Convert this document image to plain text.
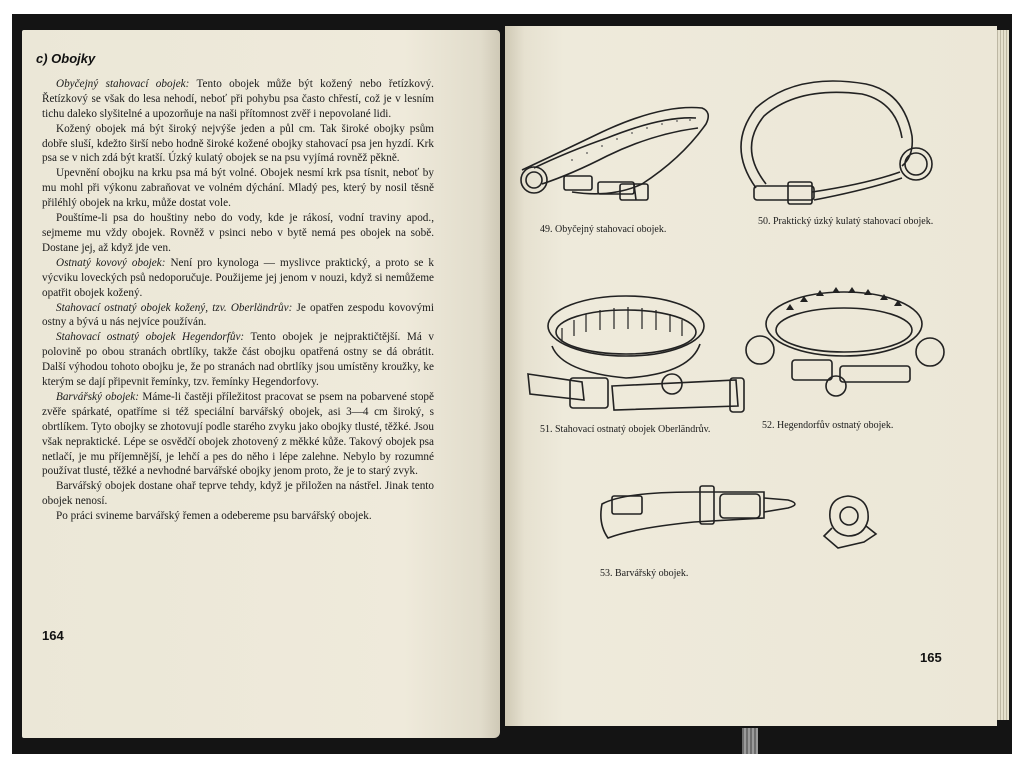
c) Obojky

Obyčejný stahovací obojek: Tento obojek může být kožený nebo řetízkový. Řetízkový se však do lesa nehodí, neboť při pohybu psa často chřestí, což je v lesním tichu daleko slyšitelné a upozorňuje na naši přítomnost zvěř i nepovolané lidi.

Kožený obojek má být široký nejvýše jeden a půl cm. Tak široké obojky psům dobře sluší, kdežto širší nebo hodně široké kožené obojky stahovací psa jen hyzdí. Krk psa se v nich zdá být kratší. Úzký kulatý obojek se na psu vyjímá rovněž pěkně.

Upevnění obojku na krku psa má být volné. Obojek nesmí krk psa tísnit, neboť by mu mohl při výkonu zabraňovat ve volném dýchání. Mladý pes, který by nosil těsně přiléhlý obojek na krku, může dostat vole.

Pouštíme-li psa do houštiny nebo do vody, kde je rákosí, vodní traviny apod., sejmeme mu vždy obojek. Rovněž v psinci nebo v bytě nemá pes obojek na sobě. Dostane jej, až když jde ven.

Ostnatý kovový obojek: Není pro kynologa — myslivce praktický, a proto se k výcviku loveckých psů nedoporučuje. Použijeme jej jenom v nouzi, když si nemůžeme opatřit obojek kožený.

Stahovací ostnatý obojek kožený, tzv. Oberländrův: Je opatřen zespodu kovovými ostny a bývá u nás nejvíce používán.

Stahovací ostnatý obojek Hegendorfův: Tento obojek je nejpraktičtější. Má v polovině po obou stranách obrtlíky, takže část obojku opatřená ostny se dá obrátit. Další výhodou tohoto obojku je, že po stranách nad obrtlíky jsou umístěny kroužky, ke kterým se dají připevnit řemínky, tzv. řemínky Hegendorfovy.

Barvářský obojek: Máme-li častěji příležitost pracovat se psem na pobarvené stopě zvěře spárkaté, opatříme si též speciální barvářský obojek, asi 3—4 cm široký, s obrtlíkem. Tyto obojky se zhotovují podle starého zvyku jako obojky tlusté, těžké. Jsou však nepraktické. Lépe se osvědčí obojek zhotovený z měkké kůže. Takový obojek psa netlačí, je mu příjemnější, je lehčí a pes do něho i lépe zalehne. Nebylo by rozumné používat tlusté, těžké a nevhodné barvářské obojky jenom proto, že je to starý zvyk.

Barvářský obojek dostane ohař teprve tehdy, když je přiložen na nástřel. Jinak tento obojek nenosí.

Po práci svineme barvářský řemen a odebereme psu barvářský obojek.

164
49. Obyčejný stahovací obojek.
50. Praktický úzký kulatý stahovací obojek.
51. Stahovací ostnatý obojek Oberländrův.	52. Hegendorfův ostnatý obojek.
53. Barvářský obojek.
165
